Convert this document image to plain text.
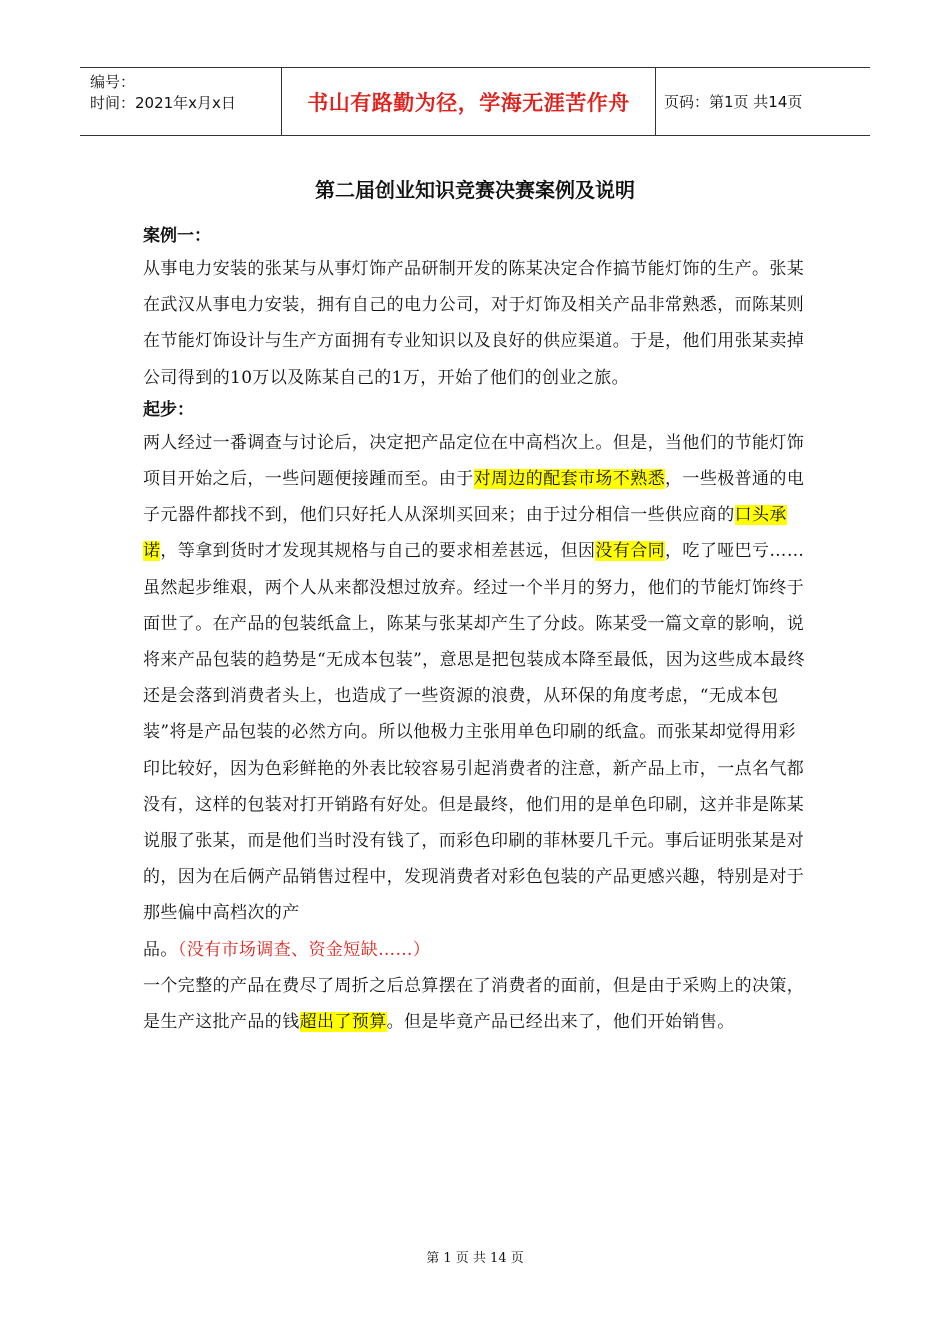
编号：
时间：2021年x月x日	书山有路勤为径，学海无涯苦作舟 页码：第1页 共14页
第二届创业知识竞赛决赛案例及说明
案例一：
从事电力安装的张某与从事灯饰产品研制开发的陈某决定合作搞节能灯饰的生产。张某在武汉从事电力安装，拥有自己的电力公司，对于灯饰及相关产品非常熟悉，而陈某则在节能灯饰设计与生产方面拥有专业知识以及良好的供应渠道。于是，他们用张某卖掉公司得到的10万以及陈某自己的1万，开始了他们的创业之旅。
起步：
两人经过一番调查与讨论后，决定把产品定位在中高档次上。但是，当他们的节能灯饰项目开始之后，一些问题便接踵而至。由于对周边的配套市场不熟悉，一些极普通的电子元器件都找不到，他们只好托人从深圳买回来；由于过分相信一些供应商的口头承诺，等拿到货时才发现其规格与自己的要求相差甚远，但因没有合同，吃了哑巴亏……
虽然起步维艰，两个人从来都没想过放弃。经过一个半月的努力，他们的节能灯饰终于面世了。在产品的包装纸盒上，陈某与张某却产生了分歧。陈某受一篇文章的影响，说将来产品包装的趋势是“无成本包装”，意思是把包装成本降至最低，因为这些成本最终还是会落到消费者头上，也造成了一些资源的浪费，从环保的角度考虑，“无成本包装”将是产品包装的必然方向。所以他极力主张用单色印刷的纸盒。而张某却觉得用彩印比较好，因为色彩鲜艳的外表比较容易引起消费者的注意，新产品上市，一点名气都没有，这样的包装对打开销路有好处。但是最终，他们用的是单色印刷，这并非是陈某说服了张某，而是他们当时没有钱了，而彩色印刷的菲林要几千元。事后证明张某是对的，因为在后俩产品销售过程中，发现消费者对彩色包装的产品更感兴趣，特别是对于那些偏中高档次的产
品。（没有市场调查、资金短缺……）
一个完整的产品在费尽了周折之后总算摆在了消费者的面前，但是由于采购上的决策，是生产这批产品的钱超出了预算。但是毕竟产品已经出来了，他们开始销售。
第 1 页 共 14 页
